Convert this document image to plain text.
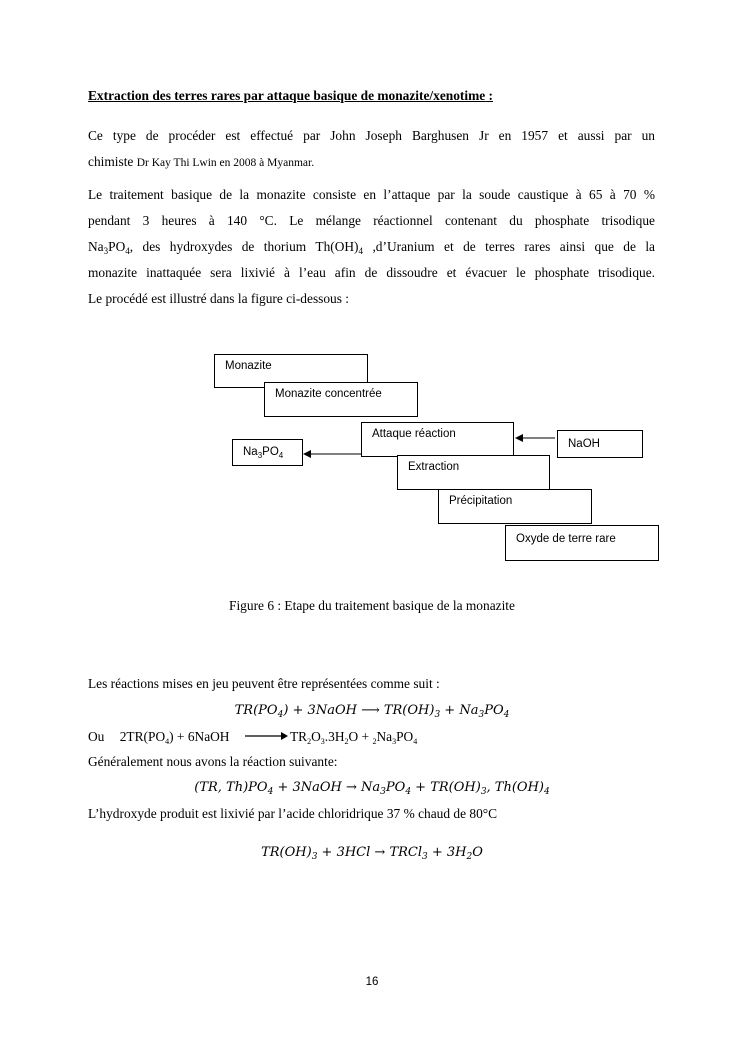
Extraction des terres rares par attaque basique de monazite/xenotime :
Ce type de procéder est effectué par John Joseph Barghusen Jr en 1957 et aussi par un
chimiste Dr Kay Thi Lwin en 2008 à Myanmar.
Le traitement basique de la monazite consiste en l’attaque par la soude caustique à 65 à 70 %
pendant 3 heures à 140 °C. Le mélange réactionnel contenant du phosphate trisodique
$Na_3PO_4$, des hydroxydes de thorium $Th(OH)_4$ ,d’Uranium et de terres rares ainsi que de la
monazite inattaquée sera lixivié à l’eau afin de dissoudre et évacuer le phosphate trisodique.
Le procédé est illustré dans la figure ci-dessous :
Monazite
Monazite concentrée
Attaque réaction
NaOH
$Na_3PO_4$
Extraction
Précipitation
Oxyde de terre rare
Figure 6 : Etape du traitement basique de la monazite
Les réactions mises en jeu peuvent être représentées comme suit :
$TR(PO_4)$ + 3NaOH ⟶ $TR(OH)_3 + Na_3PO_4$
Ou $2TR(PO_4)$ + 6NaOH	$TR_2O_3.3H_2O + _2Na_3PO_4$
Généralement nous avons la réaction suivante:
(TR, $Th)PO_4$ + 3NaOH → $Na_3PO_4 + TR(OH)_3$, $Th(OH)_4$
L’hydroxyde produit est lixivié par l’acide chloridrique 37 % chaud de 80°C
$TR(OH)_3 + 3HCl$ → TRCl$_3$ + $3H_2O$
16
